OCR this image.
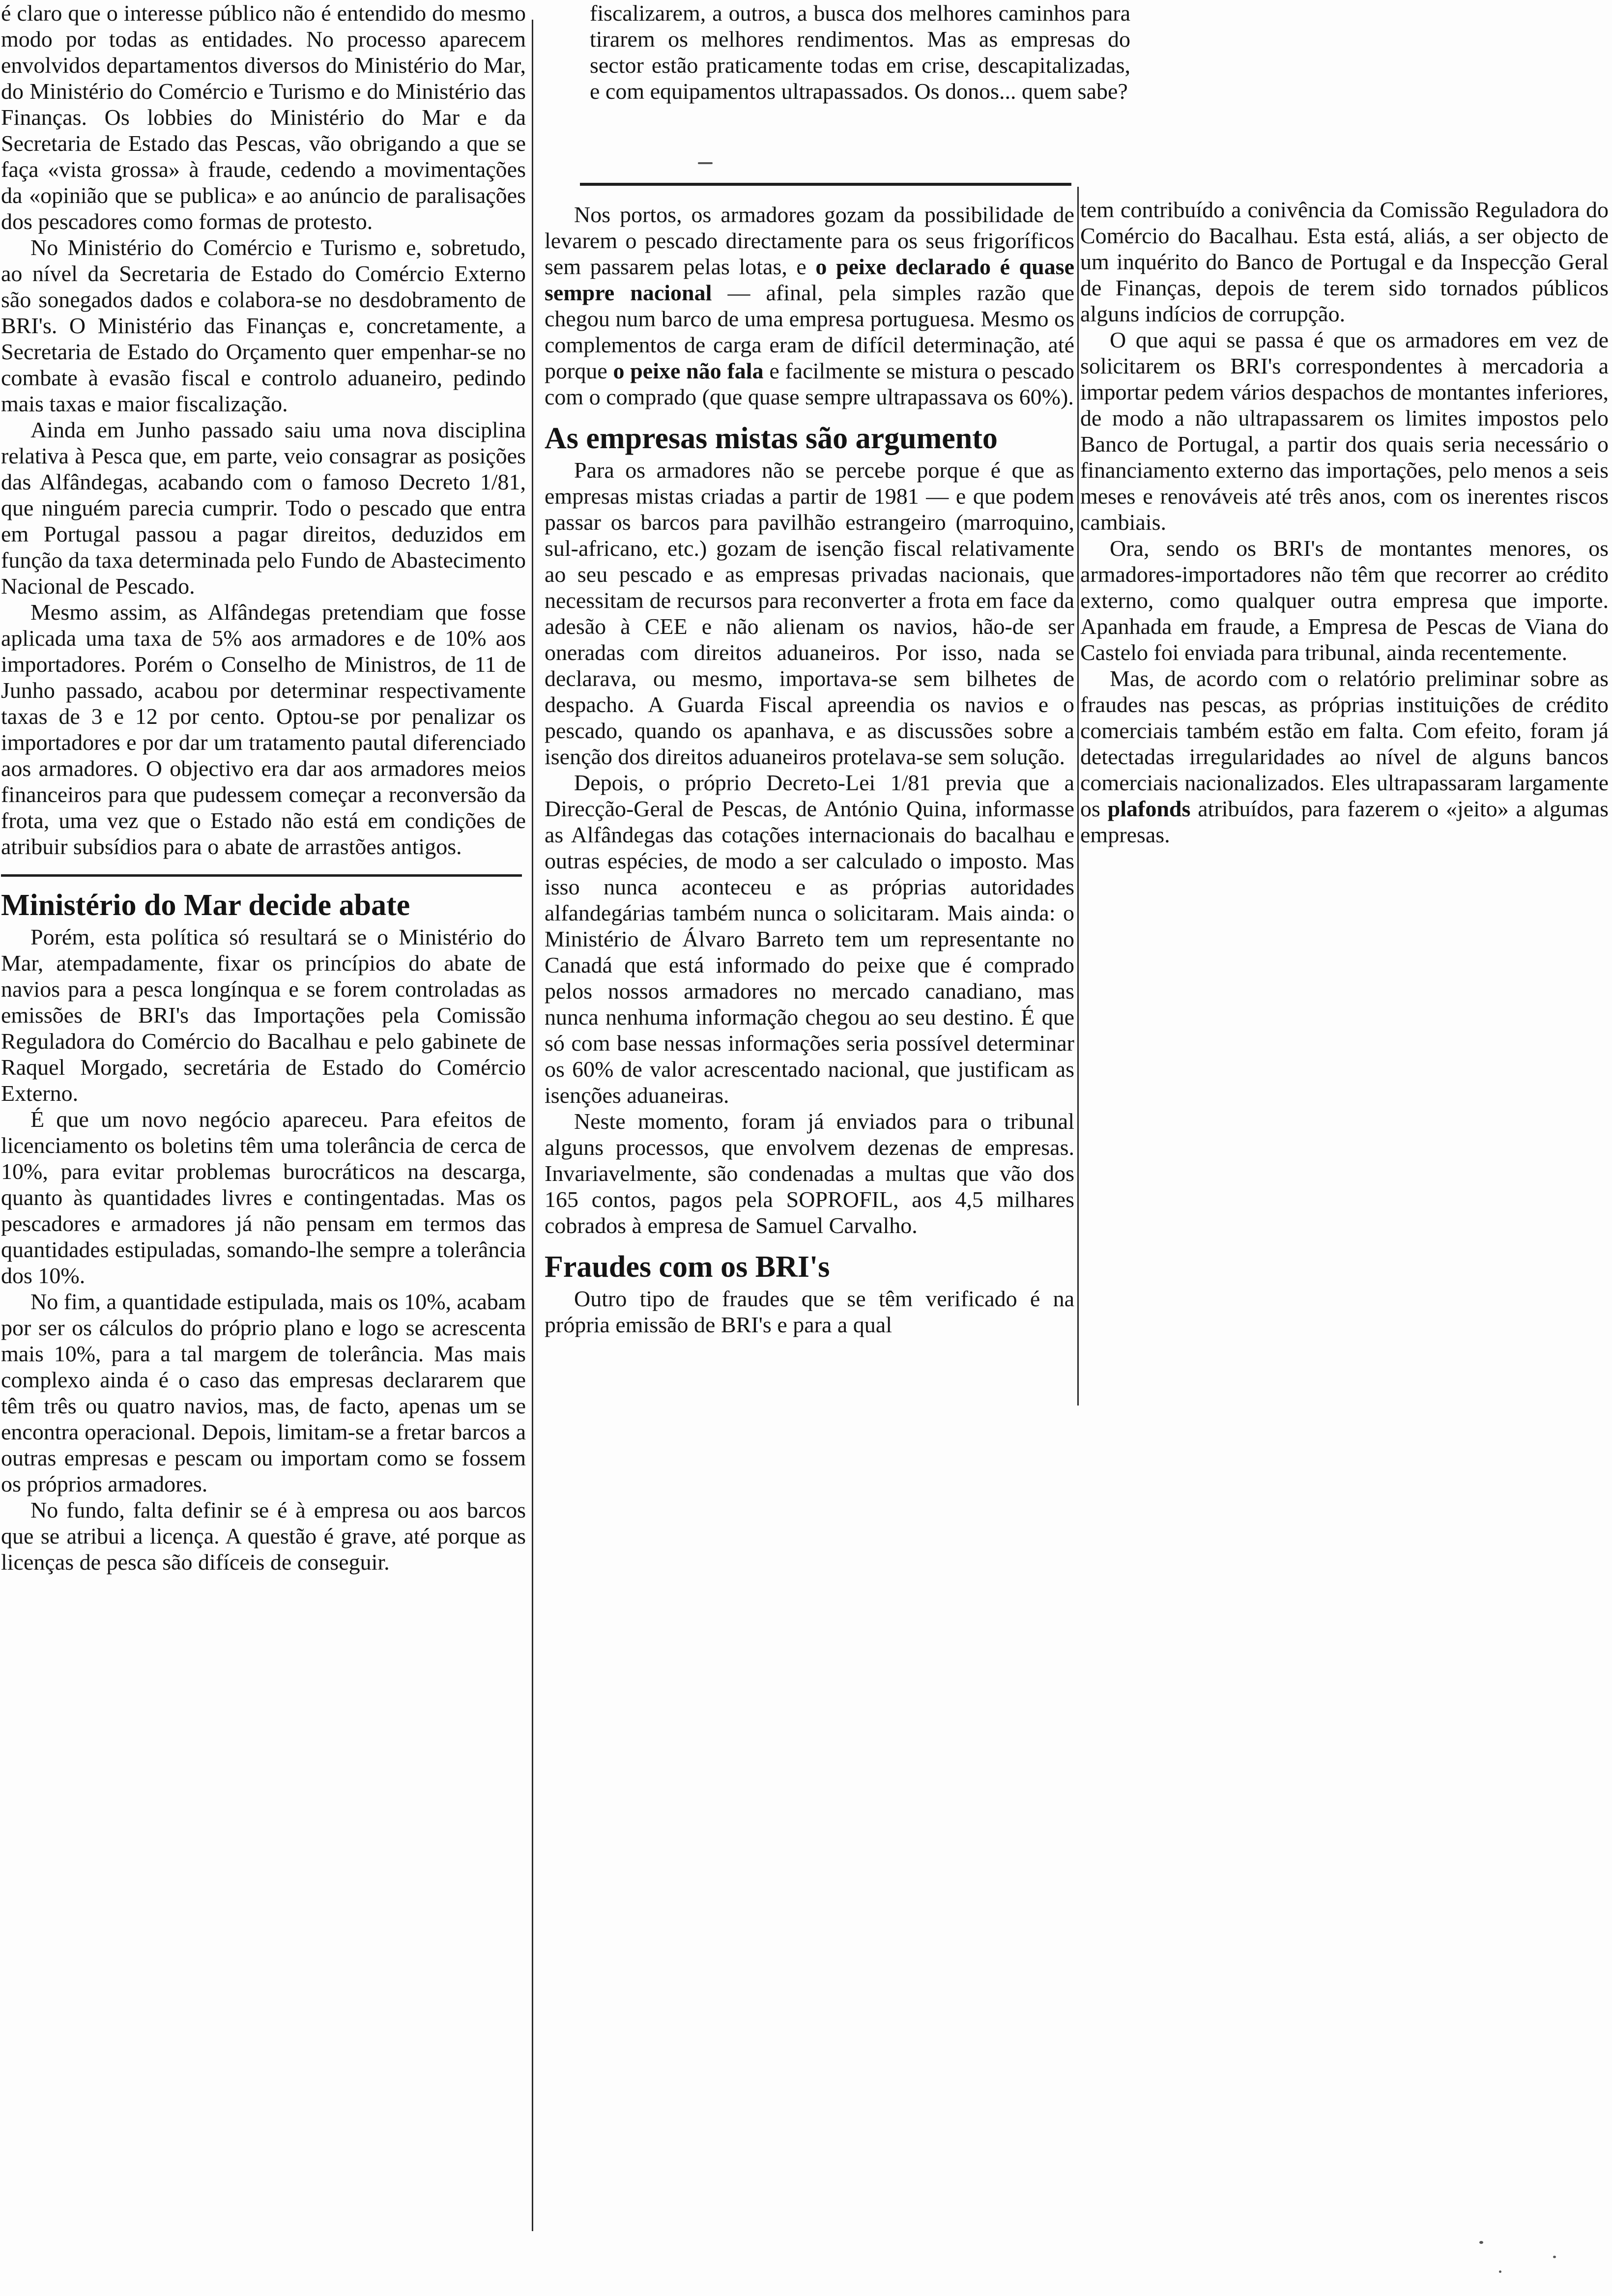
é claro que o interesse público não é entendido do mesmo modo por todas as entidades. No processo aparecem envolvidos departamentos diversos do Ministério do Mar, do Ministério do Comércio e Turismo e do Ministério das Finanças. Os lobbies do Ministério do Mar e da Secretaria de Estado das Pescas, vão obrigando a que se faça «vista grossa» à fraude, cedendo a movimentações da «opinião que se publica» e ao anúncio de paralisações dos pescadores como formas de protesto.

No Ministério do Comércio e Turismo e, sobretudo, ao nível da Secretaria de Estado do Comércio Externo são sonegados dados e colabora-se no desdobramento de BRI's. O Ministério das Finanças e, concretamente, a Secretaria de Estado do Orçamento quer empenhar-se no combate à evasão fiscal e controlo aduaneiro, pedindo mais taxas e maior fiscalização.

Ainda em Junho passado saiu uma nova disciplina relativa à Pesca que, em parte, veio consagrar as posições das Alfândegas, acabando com o famoso Decreto 1/81, que ninguém parecia cumprir. Todo o pescado que entra em Portugal passou a pagar direitos, deduzidos em função da taxa determinada pelo Fundo de Abastecimento Nacional de Pescado.

Mesmo assim, as Alfândegas pretendiam que fosse aplicada uma taxa de 5% aos armadores e de 10% aos importadores. Porém o Conselho de Ministros, de 11 de Junho passado, acabou por determinar respectivamente taxas de 3 e 12 por cento. Optou-se por penalizar os importadores e por dar um tratamento pautal diferenciado aos armadores. O objectivo era dar aos armadores meios financeiros para que pudessem começar a reconversão da frota, uma vez que o Estado não está em condições de atribuir subsídios para o abate de arrastões antigos.

Ministério do Mar decide abate

Porém, esta política só resultará se o Ministério do Mar, atempadamente, fixar os princípios do abate de navios para a pesca longínqua e se forem controladas as emissões de BRI's das Importações pela Comissão Reguladora do Comércio do Bacalhau e pelo gabinete de Raquel Morgado, secretária de Estado do Comércio Externo.

É que um novo negócio apareceu. Para efeitos de licenciamento os boletins têm uma tolerância de cerca de 10%, para evitar problemas burocráticos na descarga, quanto às quantidades livres e contingentadas. Mas os pescadores e armadores já não pensam em termos das quantidades estipuladas, somando-lhe sempre a tolerância dos 10%.

No fim, a quantidade estipulada, mais os 10%, acabam por ser os cálculos do próprio plano e logo se acrescenta mais 10%, para a tal margem de tolerância. Mas mais complexo ainda é o caso das empresas declararem que têm três ou quatro navios, mas, de facto, apenas um se encontra operacional. Depois, limitam-se a fretar barcos a outras empresas e pescam ou importam como se fossem os próprios armadores.

No fundo, falta definir se é à empresa ou aos barcos que se atribui a licença. A questão é grave, até porque as licenças de pesca são difíceis de conseguir.

fiscalizarem, a outros, a busca dos melhores caminhos para tirarem os melhores rendimentos. Mas as empresas do sector estão praticamente todas em crise, descapitalizadas, e com equipamentos ultrapassados. Os donos... quem sabe?

Nos portos, os armadores gozam da possibilidade de levarem o pescado directamente para os seus frigoríficos sem passarem pelas lotas, e o peixe declarado é quase sempre nacional — afinal, pela simples razão que chegou num barco de uma empresa portuguesa. Mesmo os complementos de carga eram de difícil determinação, até porque o peixe não fala e facilmente se mistura o pescado com o comprado (que quase sempre ultrapassava os 60%).

As empresas mistas são argumento

Para os armadores não se percebe porque é que as empresas mistas criadas a partir de 1981 — e que podem passar os barcos para pavilhão estrangeiro (marroquino, sul-africano, etc.) gozam de isenção fiscal relativamente ao seu pescado e as empresas privadas nacionais, que necessitam de recursos para reconverter a frota em face da adesão à CEE e não alienam os navios, hão-de ser oneradas com direitos aduaneiros. Por isso, nada se declarava, ou mesmo, importava-se sem bilhetes de despacho. A Guarda Fiscal apreendia os navios e o pescado, quando os apanhava, e as discussões sobre a isenção dos direitos aduaneiros protelava-se sem solução.

Depois, o próprio Decreto-Lei 1/81 previa que a Direcção-Geral de Pescas, de António Quina, informasse as Alfândegas das cotações internacionais do bacalhau e outras espécies, de modo a ser calculado o imposto. Mas isso nunca aconteceu e as próprias autoridades alfandegárias também nunca o solicitaram. Mais ainda: o Ministério de Álvaro Barreto tem um representante no Canadá que está informado do peixe que é comprado pelos nossos armadores no mercado canadiano, mas nunca nenhuma informação chegou ao seu destino. É que só com base nessas informações seria possível determinar os 60% de valor acrescentado nacional, que justificam as isenções aduaneiras.

Neste momento, foram já enviados para o tribunal alguns processos, que envolvem dezenas de empresas. Invariavelmente, são condenadas a multas que vão dos 165 contos, pagos pela SOPROFIL, aos 4,5 milhares cobrados à empresa de Samuel Carvalho.

Fraudes com os BRI's

Outro tipo de fraudes que se têm verificado é na própria emissão de BRI's e para a qual

tem contribuído a conivência da Comissão Reguladora do Comércio do Bacalhau. Esta está, aliás, a ser objecto de um inquérito do Banco de Portugal e da Inspecção Geral de Finanças, depois de terem sido tornados públicos alguns indícios de corrupção.

O que aqui se passa é que os armadores em vez de solicitarem os BRI's correspondentes à mercadoria a importar pedem vários despachos de montantes inferiores, de modo a não ultrapassarem os limites impostos pelo Banco de Portugal, a partir dos quais seria necessário o financiamento externo das importações, pelo menos a seis meses e renováveis até três anos, com os inerentes riscos cambiais.

Ora, sendo os BRI's de montantes menores, os armadores-importadores não têm que recorrer ao crédito externo, como qualquer outra empresa que importe. Apanhada em fraude, a Empresa de Pescas de Viana do Castelo foi enviada para tribunal, ainda recentemente.

Mas, de acordo com o relatório preliminar sobre as fraudes nas pescas, as próprias instituições de crédito comerciais também estão em falta. Com efeito, foram já detectadas irregularidades ao nível de alguns bancos comerciais nacionalizados. Eles ultrapassaram largamente os plafonds atribuídos, para fazerem o «jeito» a algumas empresas.
